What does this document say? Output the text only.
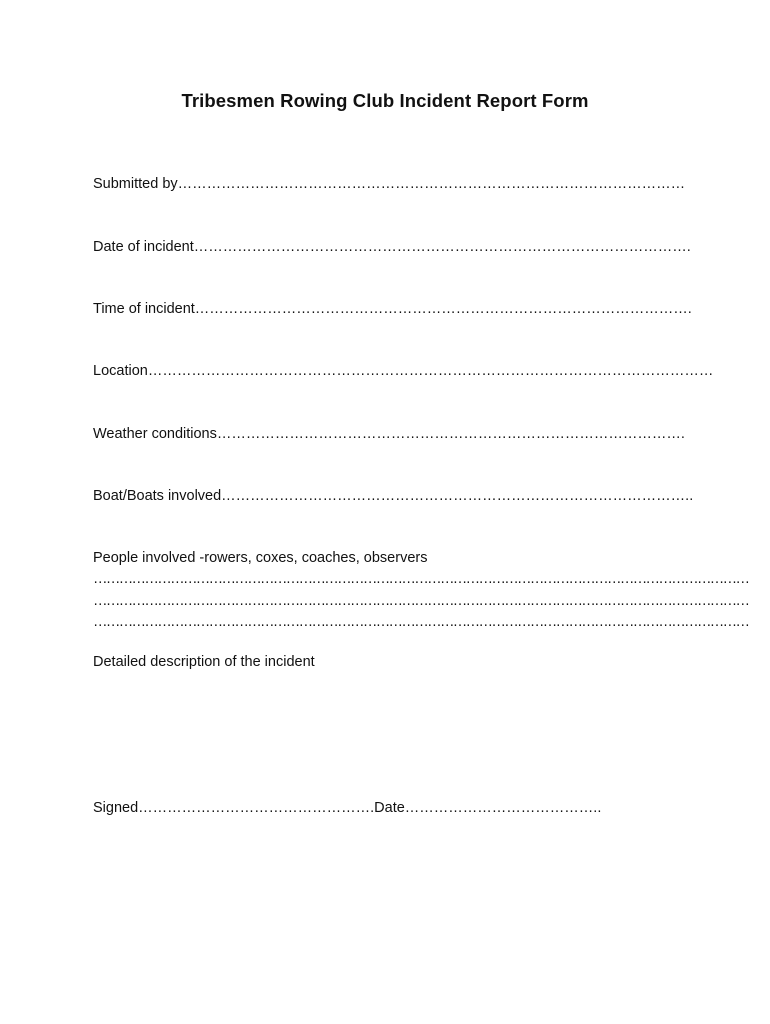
Tribesmen Rowing Club Incident Report Form
Submitted by……………………………………………………………………………………………
Date of incident………………………………………………………………………………………….
Time of incident………………………………………………………………………………………….
Location………………………………………………………………………………………………………
Weather conditions…………………………………………………………………………………….
Boat/Boats involved……………………………………………………………………………………..
People involved -rowers, coxes, coaches, observers
………………………………………………………………………………………………………………………………………
………………………………………………………………………………………………………………………………………
………………………………………………………………………………………………………………………………………
Detailed description of the incident
Signed………………………………………….Date…………………………………..
